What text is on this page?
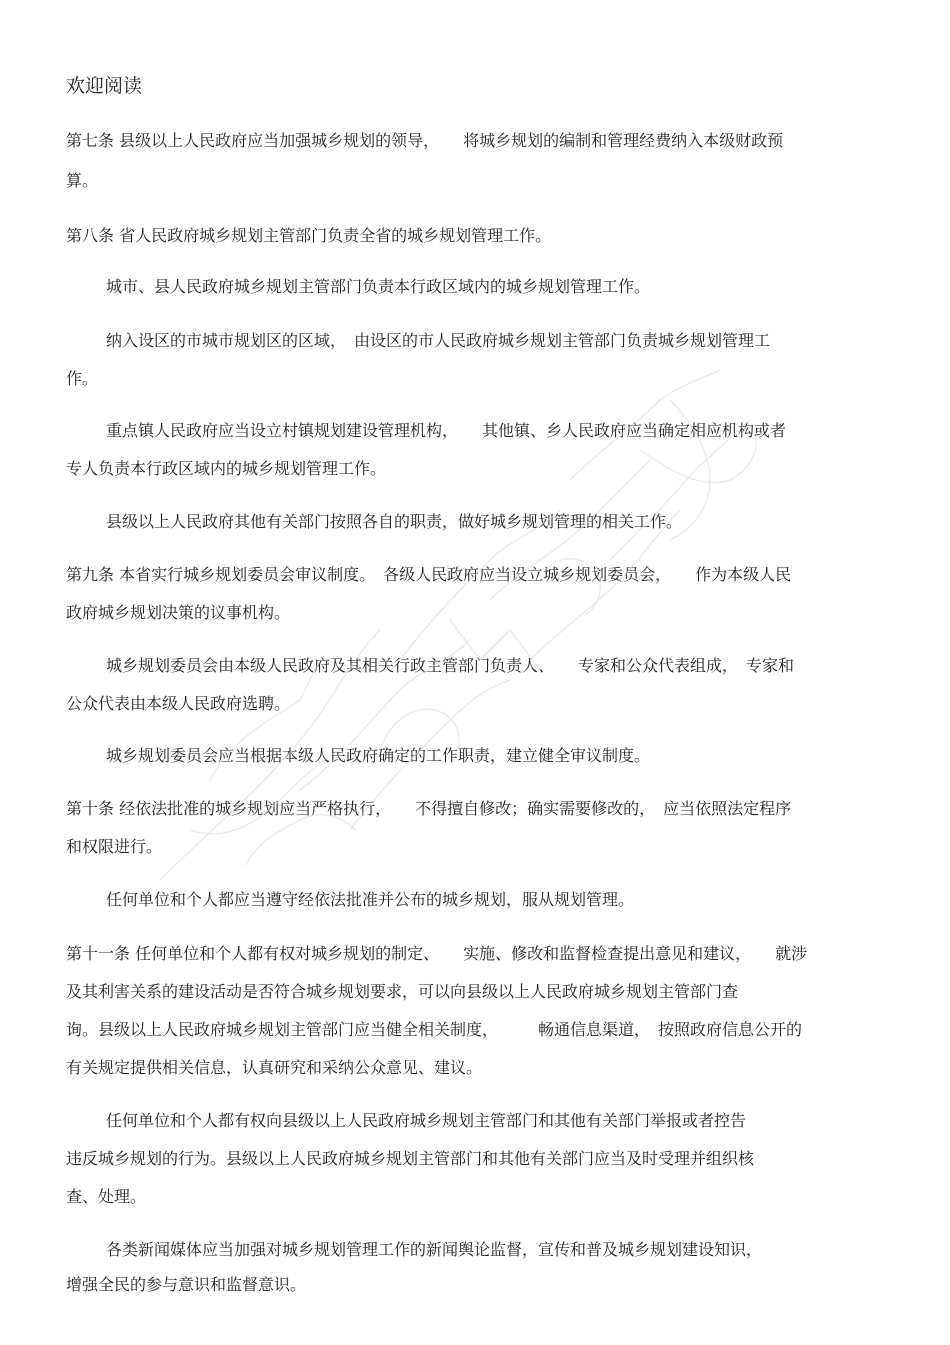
欢迎阅读
第七条 县级以上人民政府应当加强城乡规划的领导，　　将城乡规划的编制和管理经费纳入本级财政预
算。
第八条 省人民政府城乡规划主管部门负责全省的城乡规划管理工作。
城市、县人民政府城乡规划主管部门负责本行政区域内的城乡规划管理工作。
纳入设区的市城市规划区的区域，　由设区的市人民政府城乡规划主管部门负责城乡规划管理工
作。
重点镇人民政府应当设立村镇规划建设管理机构，　　其他镇、乡人民政府应当确定相应机构或者
专人负责本行政区域内的城乡规划管理工作。
县级以上人民政府其他有关部门按照各自的职责，做好城乡规划管理的相关工作。
第九条 本省实行城乡规划委员会审议制度。　各级人民政府应当设立城乡规划委员会，　　作为本级人民
政府城乡规划决策的议事机构。
城乡规划委员会由本级人民政府及其相关行政主管部门负责人、　　专家和公众代表组成，　专家和
公众代表由本级人民政府选聘。
城乡规划委员会应当根据本级人民政府确定的工作职责，建立健全审议制度。
第十条 经依法批准的城乡规划应当严格执行，　　不得擅自修改；确实需要修改的，　应当依照法定程序
和权限进行。
任何单位和个人都应当遵守经依法批准并公布的城乡规划，服从规划管理。
第十一条 任何单位和个人都有权对城乡规划的制定、　　实施、修改和监督检查提出意见和建议，　　就涉
及其利害关系的建设活动是否符合城乡规划要求，可以向县级以上人民政府城乡规划主管部门查
询。县级以上人民政府城乡规划主管部门应当健全相关制度，　　　畅通信息渠道，　按照政府信息公开的
有关规定提供相关信息，认真研究和采纳公众意见、建议。
任何单位和个人都有权向县级以上人民政府城乡规划主管部门和其他有关部门举报或者控告
违反城乡规划的行为。县级以上人民政府城乡规划主管部门和其他有关部门应当及时受理并组织核
查、处理。
各类新闻媒体应当加强对城乡规划管理工作的新闻舆论监督，宣传和普及城乡规划建设知识，
增强全民的参与意识和监督意识。
